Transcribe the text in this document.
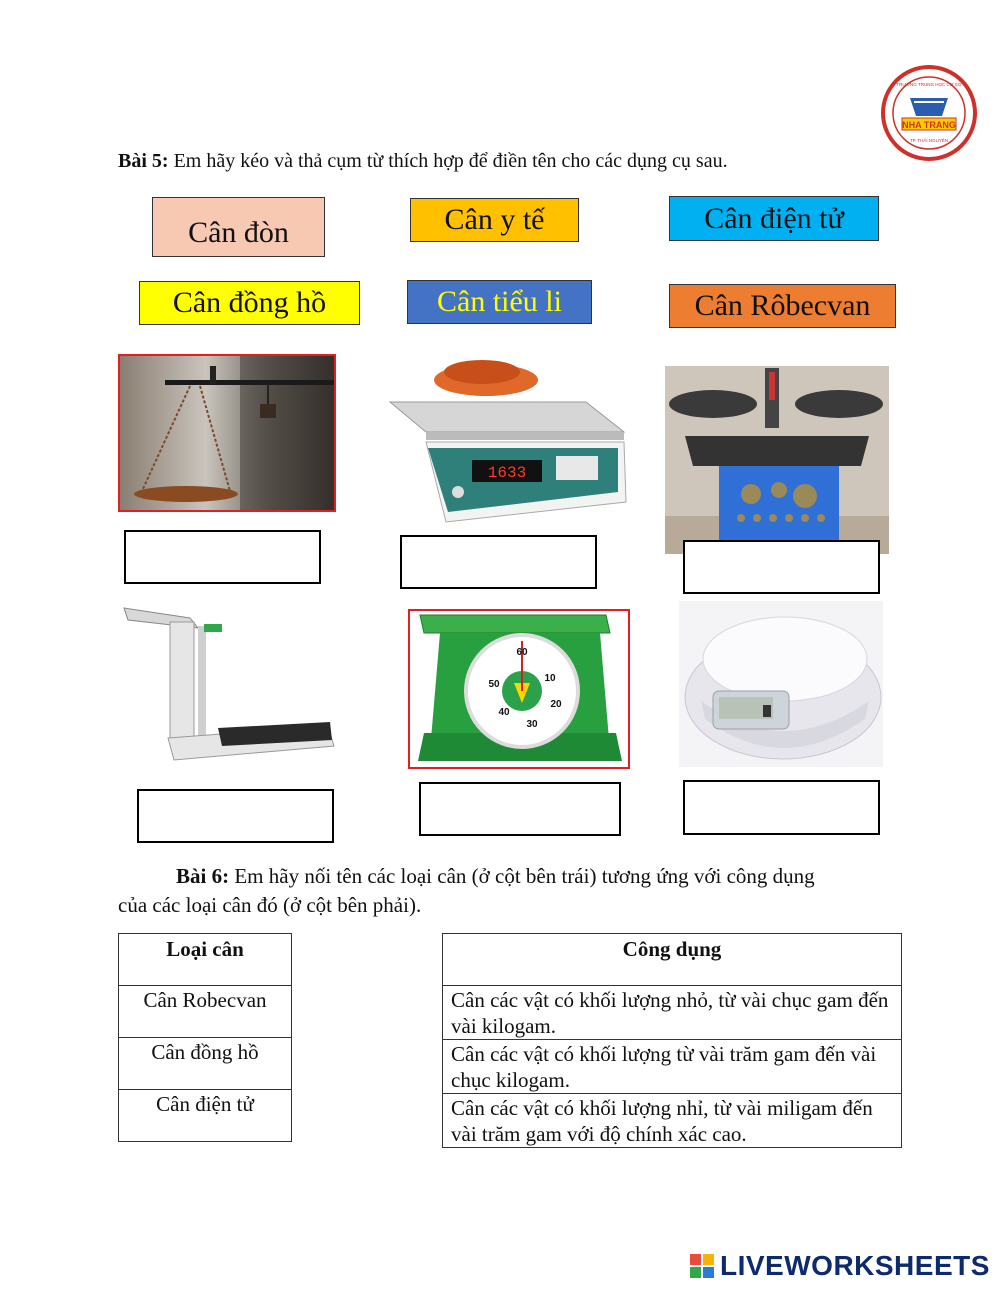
NHA TRANG
TP. THÁI NGUYÊN
TRƯỜNG TRUNG HỌC CƠ SỞ
Bài 5: Em hãy kéo và thả cụm từ thích hợp để điền tên cho các dụng cụ sau.
Cân đòn	Cân y tế	Cân điện tử
Cân đồng hồ	Cân tiểu li	Cân Rôbecvan
1633
60
10
50
20
40
30
Bài 6: Em hãy nối tên các loại cân (ở cột bên trái) tương ứng với công dụng
của các loại cân đó (ở cột bên phải).
Loại cân
Cân Robecvan
Cân đồng hồ
Cân điện tử
Công dụng
Cân các vật có khối lượng nhỏ, từ vài chục gam đến vài kilogam.
Cân các vật có khối lượng từ vài trăm gam đến vài chục kilogam.
Cân các vật có khối lượng nhỉ, từ vài miligam đến vài trăm gam với độ chính xác cao.
LIVEWORKSHEETS
